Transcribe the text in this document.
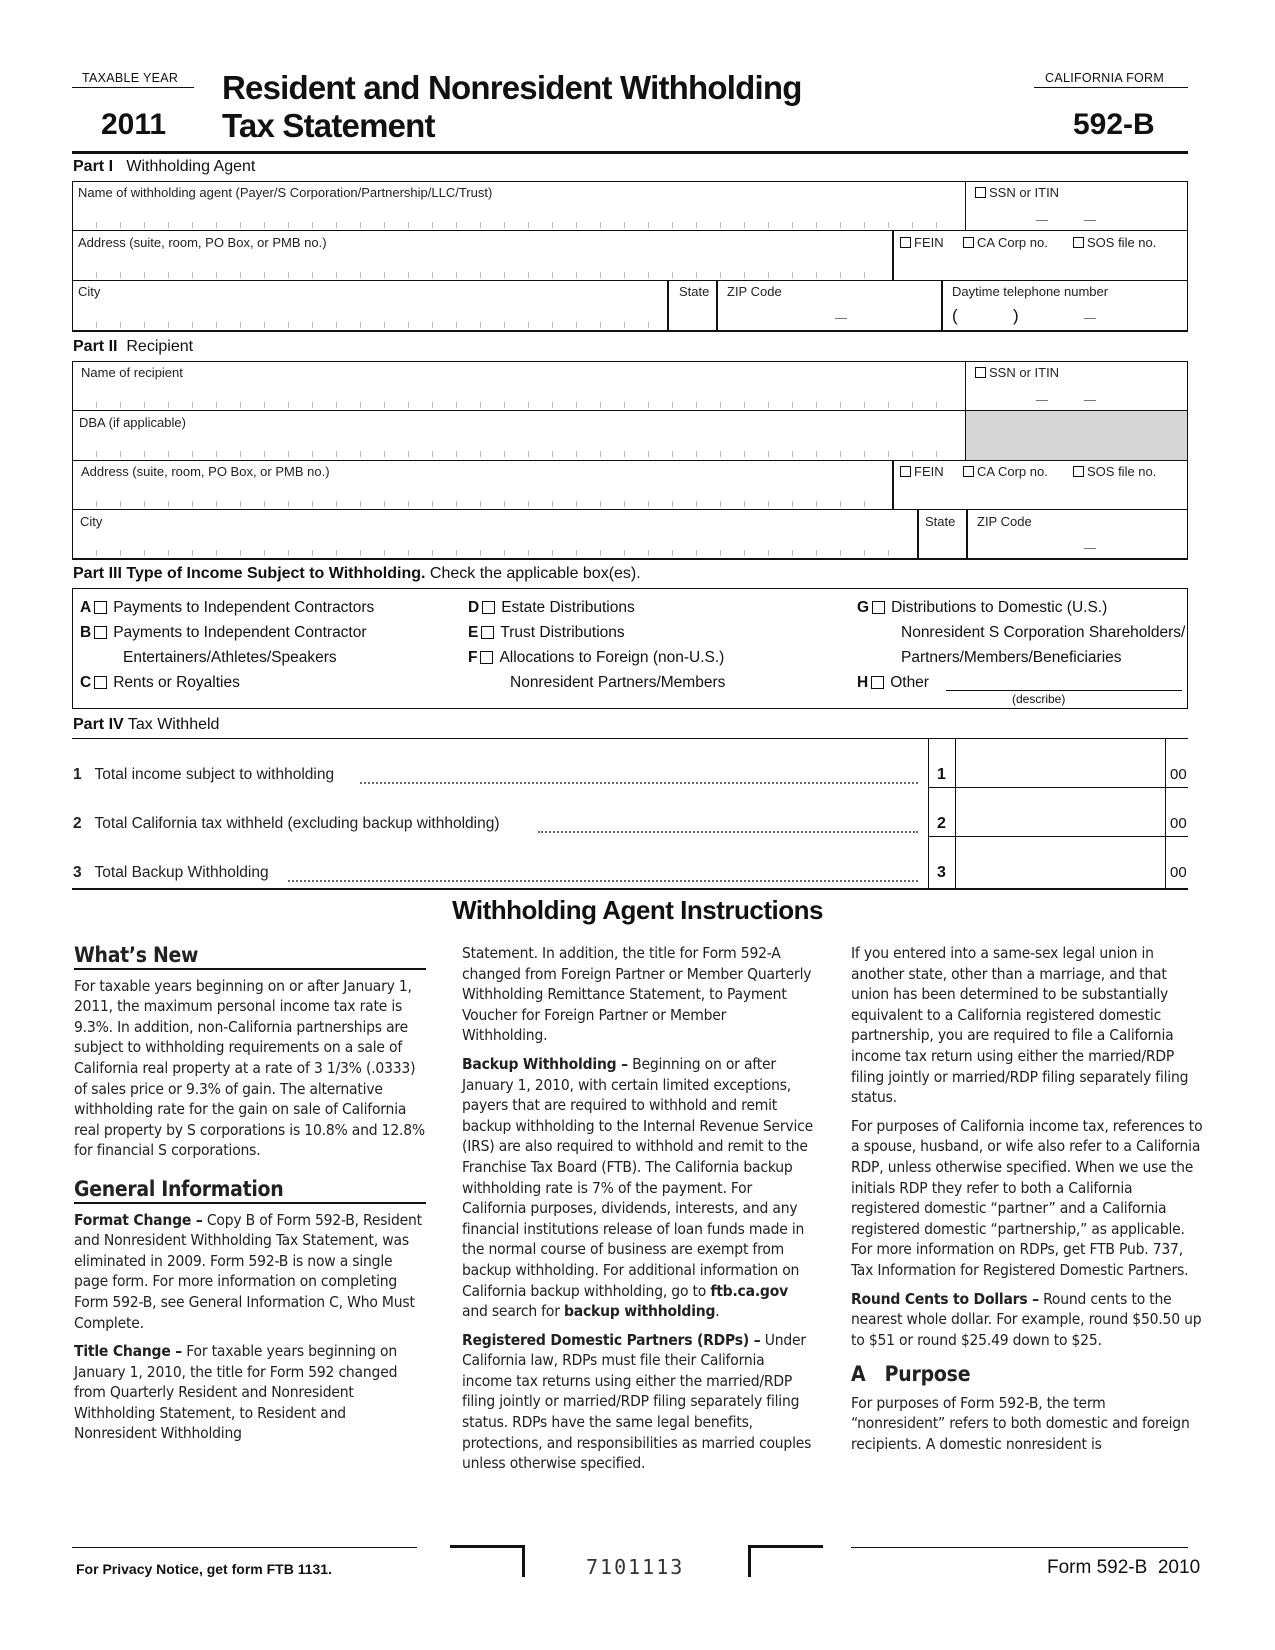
TAXABLE YEAR
2011
Resident and Nonresident Withholding
Tax Statement
CALIFORNIA FORM
592-B
Part I Withholding Agent
Name of withholding agent (Payer/S Corporation/Partnership/LLC/Trust)	SSN or ITIN
Address (suite, room, PO Box, or PMB no.)	FEIN	CA Corp no.	SOS file no.
City	State ZIP Code	Daytime telephone number
(	)
Part II Recipient
Name of recipient	SSN or ITIN
DBA (if applicable)
Address (suite, room, PO Box, or PMB no.)	FEIN	CA Corp no.	SOS file no.
City	State ZIP Code
Part III Type of Income Subject to Withholding. Check the applicable box(es).
A Payments to Independent Contractors
B Payments to Independent Contractor
Entertainers/Athletes/Speakers
C Rents or Royalties
D Estate Distributions
E Trust Distributions
F Allocations to Foreign (non-U.S.)
Nonresident Partners/Members
G Distributions to Domestic (U.S.)
Nonresident S Corporation Shareholders/
Partners/Members/Beneficiaries
H Other
(describe)
Part IV Tax Withheld
1 Total income subject to withholding	1	00
2 Total California tax withheld (excluding backup withholding)	2	00
3 Total Backup Withholding	3	00
Withholding Agent Instructions
What’s New

For taxable years beginning on or after January 1, 2011, the maximum personal income tax rate is 9.3%. In addition, non-California partnerships are subject to withholding requirements on a sale of California real property at a rate of 3 1/3% (.0333) of sales price or 9.3% of gain. The alternative withholding rate for the gain on sale of California real property by S corporations is 10.8% and 12.8% for financial S corporations.

General Information

Format Change – Copy B of Form 592-B, Resident and Nonresident Withholding Tax Statement, was eliminated in 2009. Form 592-B is now a single page form. For more information on completing Form 592-B, see General Information C, Who Must Complete.

Title Change – For taxable years beginning on January 1, 2010, the title for Form 592 changed from Quarterly Resident and Nonresident Withholding Statement, to Resident and Nonresident Withholding

Statement. In addition, the title for Form 592-A changed from Foreign Partner or Member Quarterly Withholding Remittance Statement, to Payment Voucher for Foreign Partner or Member Withholding.

Backup Withholding – Beginning on or after January 1, 2010, with certain limited exceptions, payers that are required to withhold and remit backup withholding to the Internal Revenue Service (IRS) are also required to withhold and remit to the Franchise Tax Board (FTB). The California backup withholding rate is 7% of the payment. For California purposes, dividends, interests, and any financial institutions release of loan funds made in the normal course of business are exempt from backup withholding. For additional information on California backup withholding, go to ftb.ca.gov and search for backup withholding.

Registered Domestic Partners (RDPs) – Under California law, RDPs must file their California income tax returns using either the married/RDP filing jointly or married/RDP filing separately filing status. RDPs have the same legal benefits, protections, and responsibilities as married couples unless otherwise specified.

If you entered into a same-sex legal union in another state, other than a marriage, and that union has been determined to be substantially equivalent to a California registered domestic partnership, you are required to file a California income tax return using either the married/RDP filing jointly or married/RDP filing separately filing status.

For purposes of California income tax, references to a spouse, husband, or wife also refer to a California RDP, unless otherwise specified. When we use the initials RDP they refer to both a California registered domestic “partner” and a California registered domestic “partnership,” as applicable. For more information on RDPs, get FTB Pub. 737, Tax Information for Registered Domestic Partners.

Round Cents to Dollars – Round cents to the nearest whole dollar. For example, round $50.50 up to $51 or round $25.49 down to $25.

A Purpose

For purposes of Form 592-B, the term “nonresident” refers to both domestic and foreign recipients. A domestic nonresident is

For Privacy Notice, get form FTB 1131.	7101113	Form 592-B  2010
